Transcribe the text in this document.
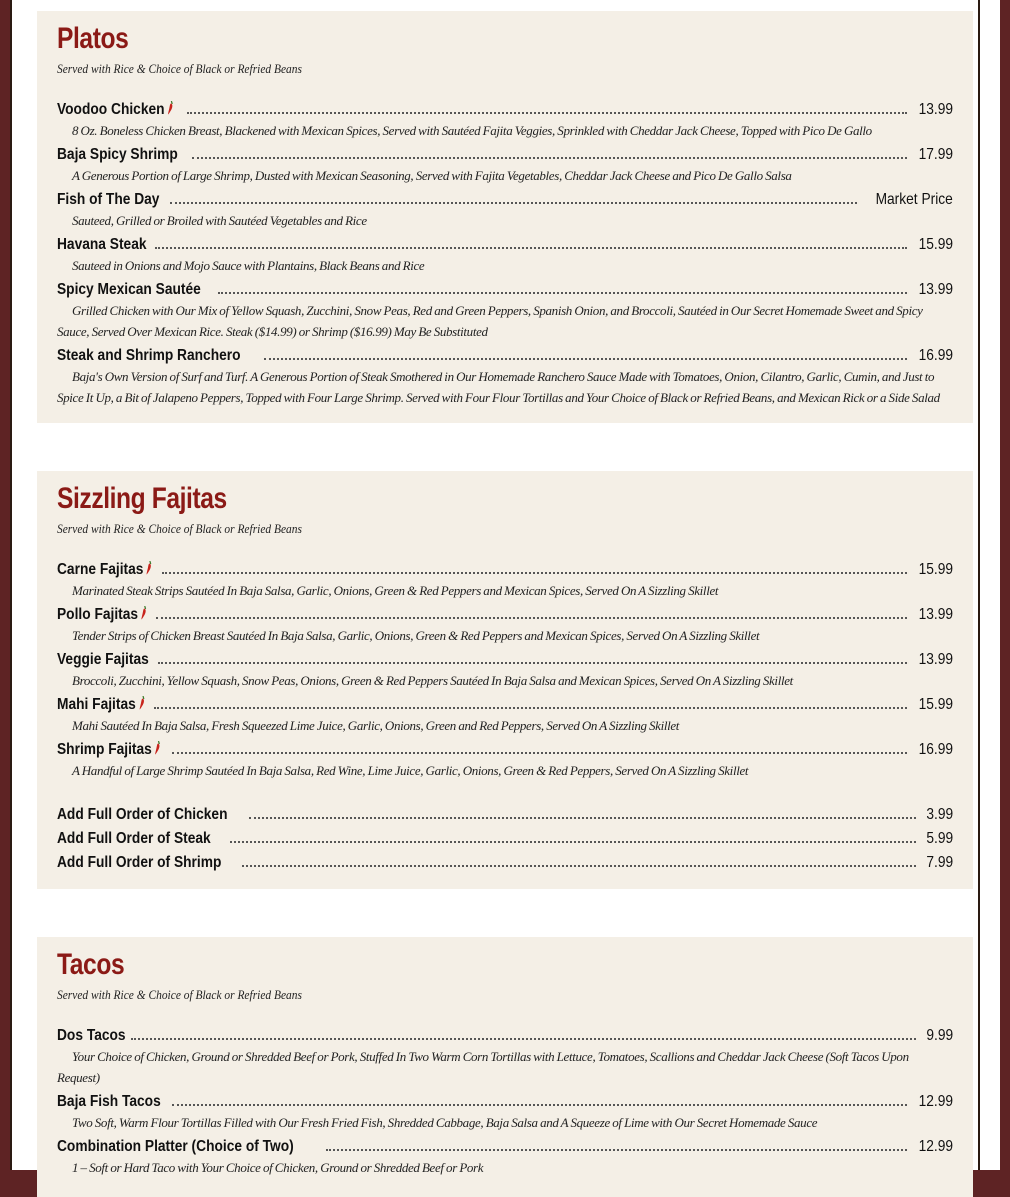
Platos

Served with Rice & Choice of Black or Refried Beans

Voodoo Chicken	13.99

8 Oz. Boneless Chicken Breast, Blackened with Mexican Spices, Served with Sautéed Fajita Veggies, Sprinkled with Cheddar Jack Cheese, Topped with Pico De Gallo

Baja Spicy Shrimp	17.99

A Generous Portion of Large Shrimp, Dusted with Mexican Seasoning, Served with Fajita Vegetables, Cheddar Jack Cheese and Pico De Gallo Salsa

Fish of The Day	Market Price

Sauteed, Grilled or Broiled with Sautéed Vegetables and Rice

Havana Steak	15.99

Sauteed in Onions and Mojo Sauce with Plantains, Black Beans and Rice

Spicy Mexican Sautée	13.99

Grilled Chicken with Our Mix of Yellow Squash, Zucchini, Snow Peas, Red and Green Peppers, Spanish Onion, and Broccoli, Sautéed in Our Secret Homemade Sweet and Spicy Sauce, Served Over Mexican Rice. Steak ($14.99) or Shrimp ($16.99) May Be Substituted

Steak and Shrimp Ranchero	16.99

Baja's Own Version of Surf and Turf. A Generous Portion of Steak Smothered in Our Homemade Ranchero Sauce Made with Tomatoes, Onion, Cilantro, Garlic, Cumin, and Just to Spice It Up, a Bit of Jalapeno Peppers, Topped with Four Large Shrimp. Served with Four Flour Tortillas and Your Choice of Black or Refried Beans, and Mexican Rick or a Side Salad

Sizzling Fajitas

Served with Rice & Choice of Black or Refried Beans

Carne Fajitas	15.99

Marinated Steak Strips Sautéed In Baja Salsa, Garlic, Onions, Green & Red Peppers and Mexican Spices, Served On A Sizzling Skillet

Pollo Fajitas	13.99

Tender Strips of Chicken Breast Sautéed In Baja Salsa, Garlic, Onions, Green & Red Peppers and Mexican Spices, Served On A Sizzling Skillet

Veggie Fajitas	13.99

Broccoli, Zucchini, Yellow Squash, Snow Peas, Onions, Green & Red Peppers Sautéed In Baja Salsa and Mexican Spices, Served On A Sizzling Skillet

Mahi Fajitas	15.99

Mahi Sautéed In Baja Salsa, Fresh Squeezed Lime Juice, Garlic, Onions, Green and Red Peppers, Served On A Sizzling Skillet

Shrimp Fajitas	16.99

A Handful of Large Shrimp Sautéed In Baja Salsa, Red Wine, Lime Juice, Garlic, Onions, Green & Red Peppers, Served On A Sizzling Skillet

Add Full Order of Chicken	3.99
Add Full Order of Steak	5.99
Add Full Order of Shrimp	7.99
Tacos

Served with Rice & Choice of Black or Refried Beans

Dos Tacos	9.99

Your Choice of Chicken, Ground or Shredded Beef or Pork, Stuffed In Two Warm Corn Tortillas with Lettuce, Tomatoes, Scallions and Cheddar Jack Cheese (Soft Tacos Upon Request)

Baja Fish Tacos	12.99

Two Soft, Warm Flour Tortillas Filled with Our Fresh Fried Fish, Shredded Cabbage, Baja Salsa and A Squeeze of Lime with Our Secret Homemade Sauce

Combination Platter (Choice of Two)	12.99

1 – Soft or Hard Taco with Your Choice of Chicken, Ground or Shredded Beef or Pork
